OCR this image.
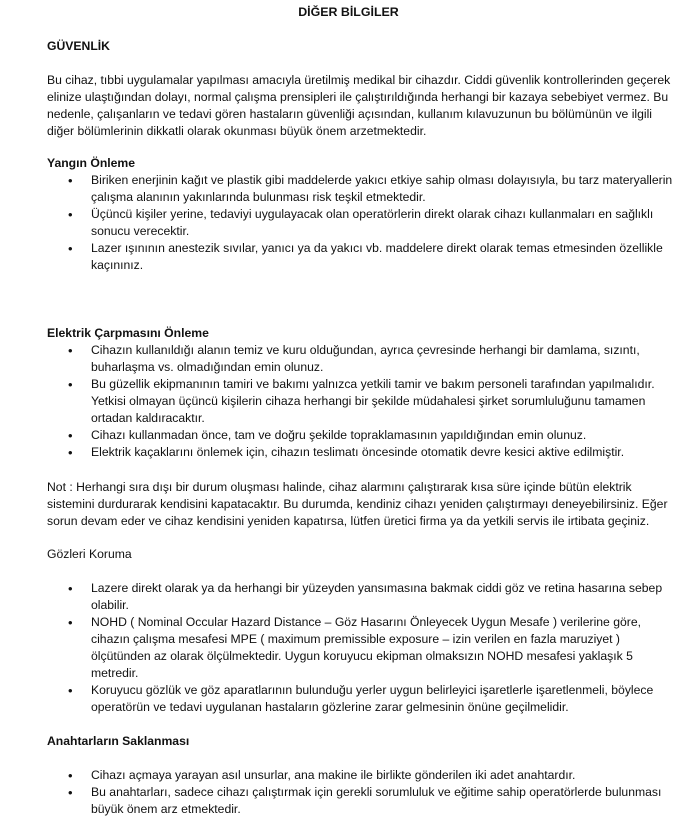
DİĞER BİLGİLER

GÜVENLİK

Bu cihaz, tıbbi uygulamalar yapılması amacıyla üretilmiş medikal bir cihazdır. Ciddi güvenlik kontrollerinden geçerek elinize ulaştığından dolayı, normal çalışma prensipleri ile çalıştırıldığında herhangi bir kazaya sebebiyet vermez. Bu nedenle, çalışanların ve tedavi gören hastaların güvenliği açısından, kullanım kılavuzunun bu bölümünün ve ilgili diğer bölümlerinin dikkatli olarak okunması büyük önem arzetmektedir.

Yangın Önleme

• Biriken enerjinin kağıt ve plastik gibi maddelerde yakıcı etkiye sahip olması dolayısıyla, bu tarz materyallerin çalışma alanının yakınlarında bulunması risk teşkil etmektedir.
• Üçüncü kişiler yerine, tedaviyi uygulayacak olan operatörlerin direkt olarak cihazı kullanmaları en sağlıklı sonucu verecektir.
• Lazer ışınının anestezik sıvılar, yanıcı ya da yakıcı vb. maddelere direkt olarak temas etmesinden özellikle kaçınınız.

Elektrik Çarpmasını Önleme

• Cihazın kullanıldığı alanın temiz ve kuru olduğundan, ayrıca çevresinde herhangi bir damlama, sızıntı, buharlaşma vs. olmadığından emin olunuz.
• Bu güzellik ekipmanının tamiri ve bakımı yalnızca yetkili tamir ve bakım personeli tarafından yapılmalıdır. Yetkisi olmayan üçüncü kişilerin cihaza herhangi bir şekilde müdahalesi şirket sorumluluğunu tamamen ortadan kaldıracaktır.
• Cihazı kullanmadan önce, tam ve doğru şekilde topraklamasının yapıldığından emin olunuz.
• Elektrik kaçaklarını önlemek için, cihazın teslimatı öncesinde otomatik devre kesici aktive edilmiştir.

Not : Herhangi sıra dışı bir durum oluşması halinde, cihaz alarmını çalıştırarak kısa süre içinde bütün elektrik sistemini durdurarak kendisini kapatacaktır. Bu durumda, kendiniz cihazı yeniden çalıştırmayı deneyebilirsiniz. Eğer sorun devam eder ve cihaz kendisini yeniden kapatırsa, lütfen üretici firma ya da yetkili servis ile irtibata geçiniz.

Gözleri Koruma

• Lazere direkt olarak ya da herhangi bir yüzeyden yansımasına bakmak ciddi göz ve retina hasarına sebep olabilir.
• NOHD ( Nominal Occular Hazard Distance – Göz Hasarını Önleyecek Uygun Mesafe ) verilerine göre, cihazın çalışma mesafesi MPE ( maximum premissible exposure – izin verilen en fazla maruziyet ) ölçütünden az olarak ölçülmektedir. Uygun koruyucu ekipman olmaksızın NOHD mesafesi yaklaşık 5 metredir.
• Koruyucu gözlük ve göz aparatlarının bulunduğu yerler uygun belirleyici işaretlerle işaretlenmeli, böylece operatörün ve tedavi uygulanan hastaların gözlerine zarar gelmesinin önüne geçilmelidir.

Anahtarların Saklanması

• Cihazı açmaya yarayan asıl unsurlar, ana makine ile birlikte gönderilen iki adet anahtardır.
• Bu anahtarları, sadece cihazı çalıştırmak için gerekli sorumluluk ve eğitime sahip operatörlerde bulunması büyük önem arz etmektedir.
